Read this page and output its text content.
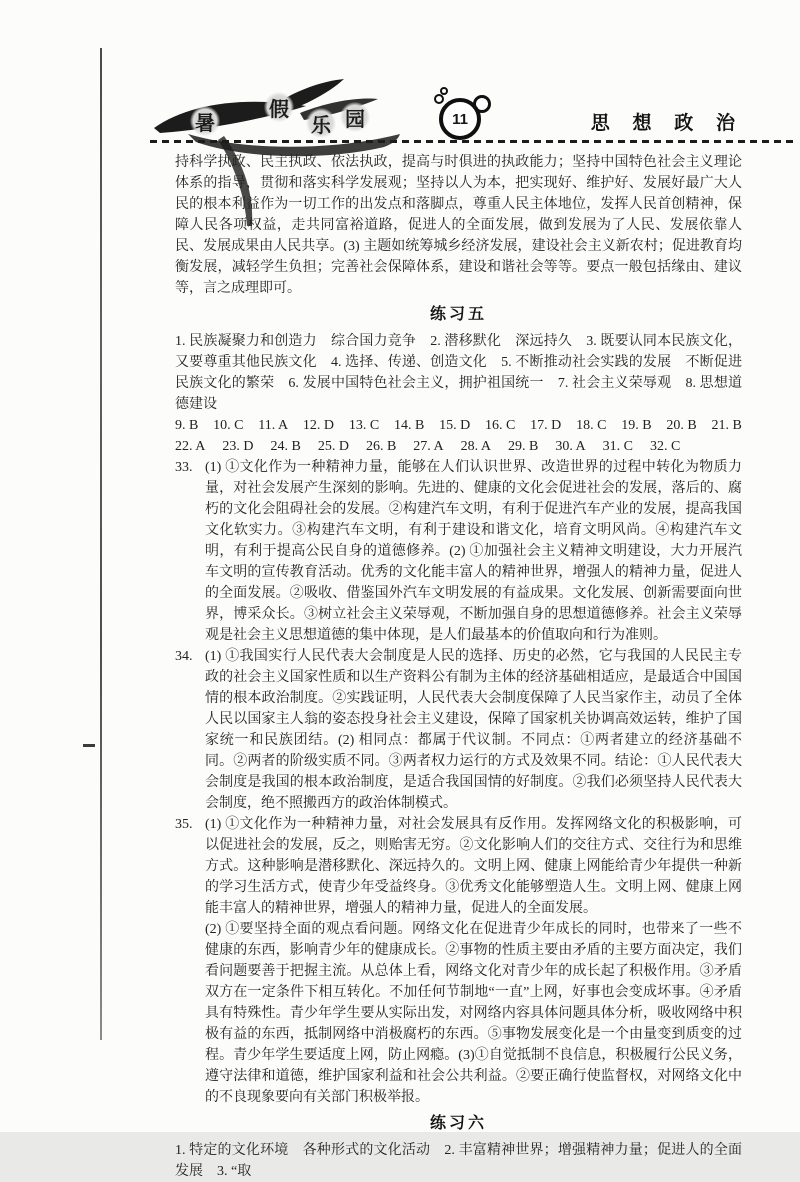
暑
假
乐 园	11	思 想 政 治

持科学执政、民主执政、依法执政，提高与时俱进的执政能力；坚持中国特色社会主义理论体系的指导，贯彻和落实科学发展观；坚持以人为本，把实现好、维护好、发展好最广大人民的根本利益作为一切工作的出发点和落脚点，尊重人民主体地位，发挥人民首创精神，保障人民各项权益，走共同富裕道路，促进人的全面发展，做到发展为了人民、发展依靠人民、发展成果由人民共享。(3) 主题如统筹城乡经济发展，建设社会主义新农村；促进教育均衡发展，减轻学生负担；完善社会保障体系，建设和谐社会等等。要点一般包括缘由、建议等，言之成理即可。

练习五

1. 民族凝聚力和创造力　综合国力竞争　2. 潜移默化　深远持久　3. 既要认同本民族文化，又要尊重其他民族文化　4. 选择、传递、创造文化　5. 不断推动社会实践的发展　不断促进民族文化的繁荣　6. 发展中国特色社会主义，拥护祖国统一　7. 社会主义荣辱观　8. 思想道德建设

9. B 10. C 11. A 12. D 13. C 14. B 15. D 16. C 17. D 18. C 19. B 20. B 21. B
22. A 23. D 24. B 25. D 26. B 27. A 28. A 29. B 30. A 31. C 32. C
33. (1) ①文化作为一种精神力量，能够在人们认识世界、改造世界的过程中转化为物质力量，对社会发展产生深刻的影响。先进的、健康的文化会促进社会的发展，落后的、腐朽的文化会阻碍社会的发展。②构建汽车文明，有利于促进汽车产业的发展，提高我国文化软实力。③构建汽车文明，有利于建设和谐文化，培育文明风尚。④构建汽车文明，有利于提高公民自身的道德修养。(2) ①加强社会主义精神文明建设，大力开展汽车文明的宣传教育活动。优秀的文化能丰富人的精神世界，增强人的精神力量，促进人的全面发展。②吸收、借鉴国外汽车文明发展的有益成果。文化发展、创新需要面向世界，博采众长。③树立社会主义荣辱观，不断加强自身的思想道德修养。社会主义荣辱观是社会主义思想道德的集中体现，是人们最基本的价值取向和行为准则。

34. (1) ①我国实行人民代表大会制度是人民的选择、历史的必然，它与我国的人民民主专政的社会主义国家性质和以生产资料公有制为主体的经济基础相适应，是最适合中国国情的根本政治制度。②实践证明，人民代表大会制度保障了人民当家作主，动员了全体人民以国家主人翁的姿态投身社会主义建设，保障了国家机关协调高效运转，维护了国家统一和民族团结。(2) 相同点：都属于代议制。不同点：①两者建立的经济基础不同。②两者的阶级实质不同。③两者权力运行的方式及效果不同。结论：①人民代表大会制度是我国的根本政治制度，是适合我国国情的好制度。②我们必须坚持人民代表大会制度，绝不照搬西方的政治体制模式。

35. (1) ①文化作为一种精神力量，对社会发展具有反作用。发挥网络文化的积极影响，可以促进社会的发展，反之，则贻害无穷。②文化影响人们的交往方式、交往行为和思维方式。这种影响是潜移默化、深远持久的。文明上网、健康上网能给青少年提供一种新的学习生活方式，使青少年受益终身。③优秀文化能够塑造人生。文明上网、健康上网能丰富人的精神世界，增强人的精神力量，促进人的全面发展。

(2) ①要坚持全面的观点看问题。网络文化在促进青少年成长的同时，也带来了一些不健康的东西，影响青少年的健康成长。②事物的性质主要由矛盾的主要方面决定，我们看问题要善于把握主流。从总体上看，网络文化对青少年的成长起了积极作用。③矛盾双方在一定条件下相互转化。不加任何节制地“一直”上网，好事也会变成坏事。④矛盾具有特殊性。青少年学生要从实际出发，对网络内容具体问题具体分析，吸收网络中积极有益的东西，抵制网络中消极腐朽的东西。⑤事物发展变化是一个由量变到质变的过程。青少年学生要适度上网，防止网瘾。(3)①自觉抵制不良信息，积极履行公民义务，遵守法律和道德，维护国家利益和社会公共利益。②要正确行使监督权，对网络文化中的不良现象要向有关部门积极举报。

练习六

1. 特定的文化环境　各种形式的文化活动　2. 丰富精神世界；增强精神力量；促进人的全面发展　3. “取
